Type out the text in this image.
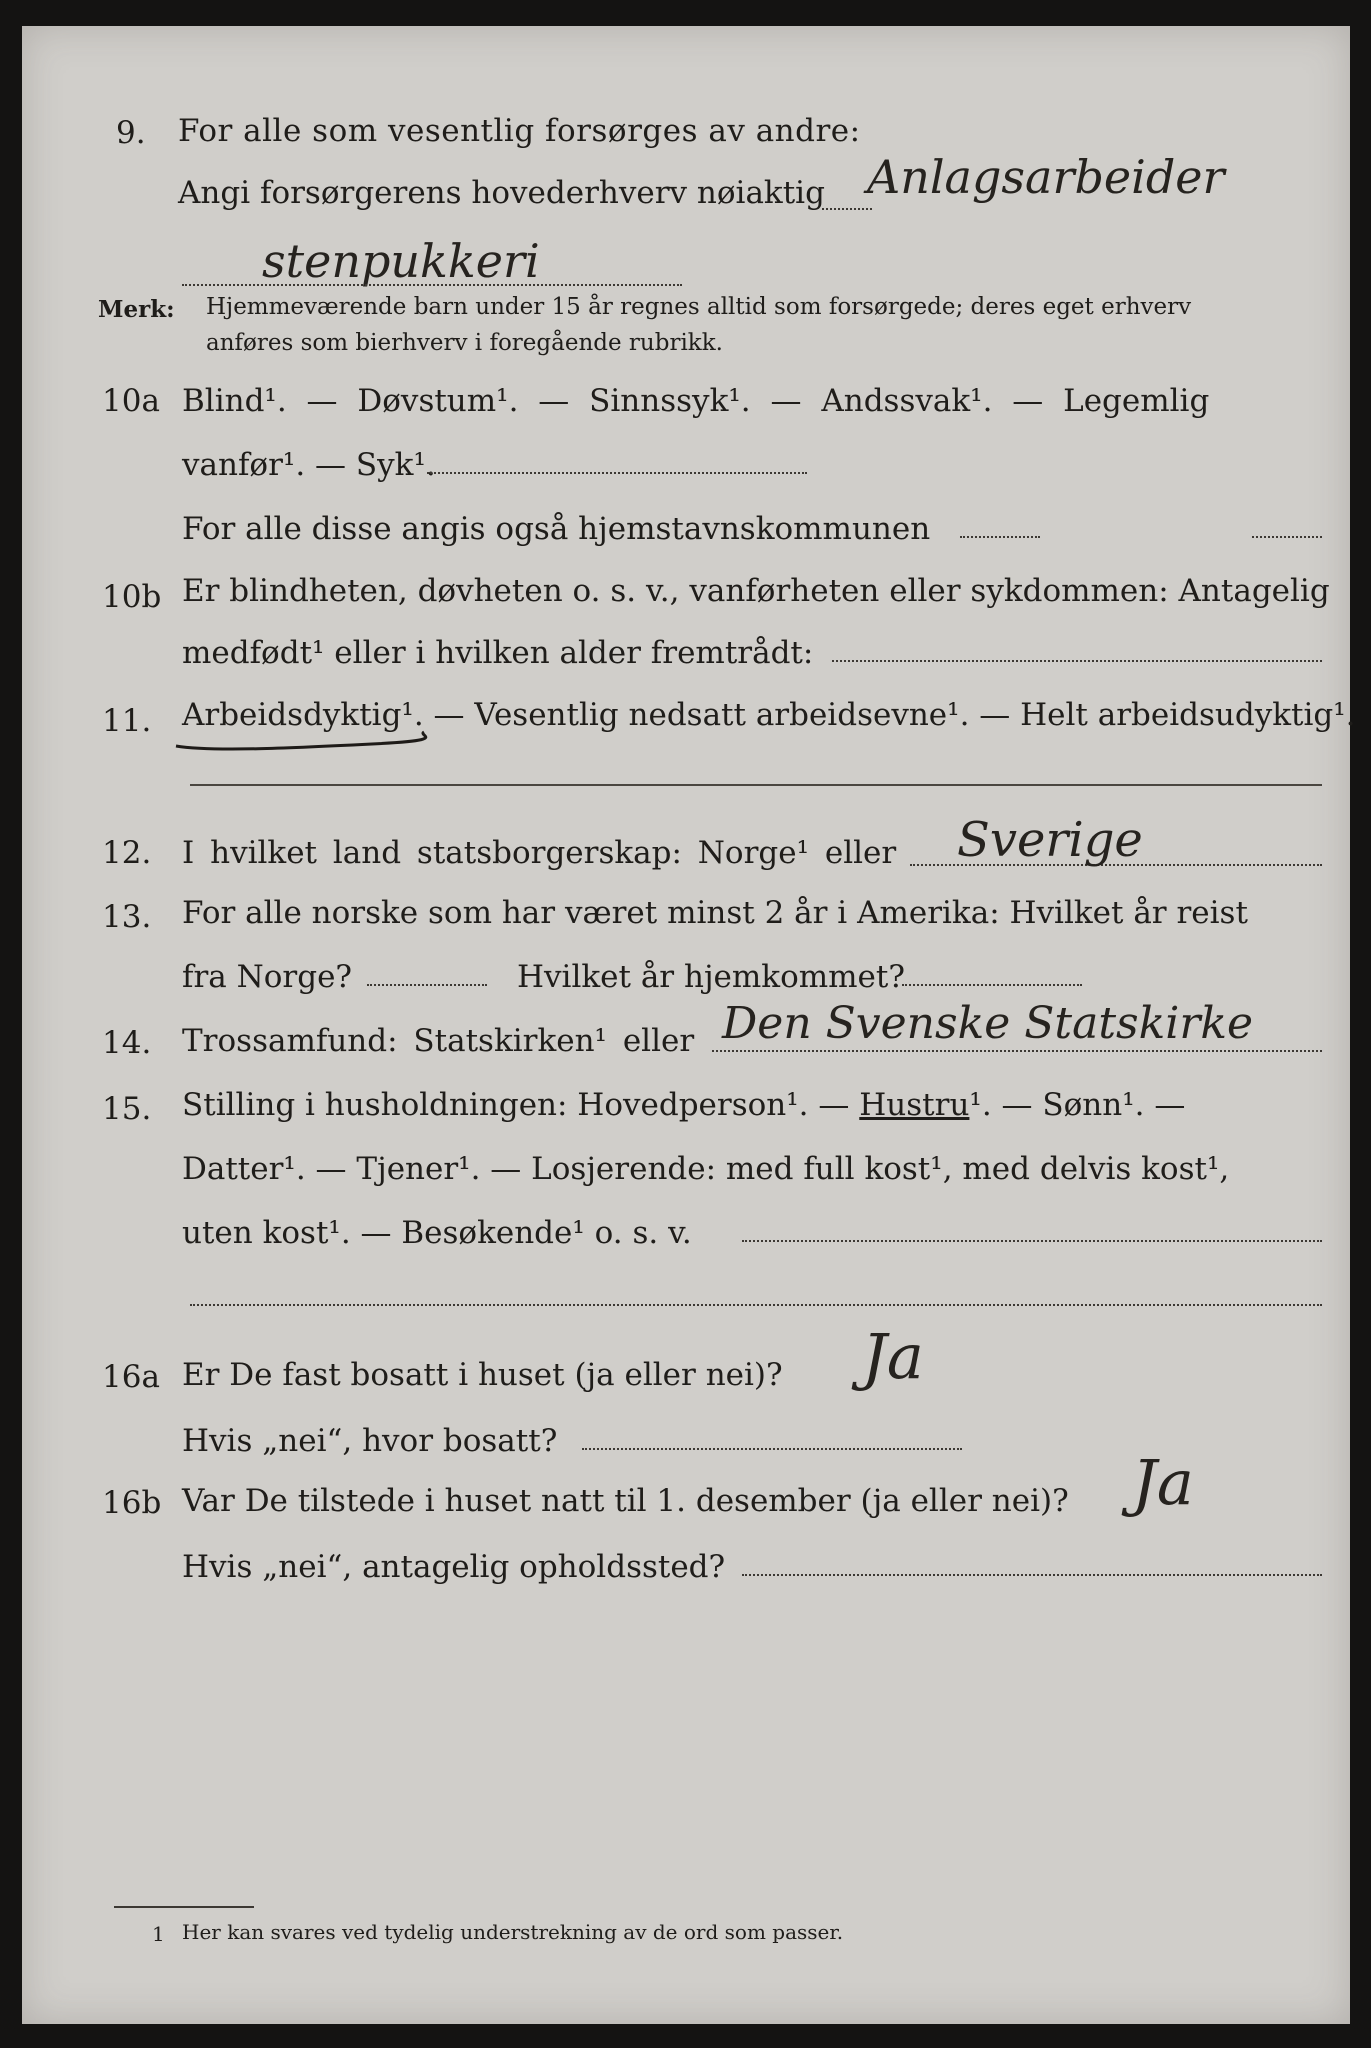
9. For alle som vesentlig forsørges av andre:
Angi forsørgerens hovederhverv nøiaktig Anlagsarbeider
stenpukkeri
Merk: Hjemmeværende barn under 15 år regnes alltid som forsørgede; deres eget erhverv
anføres som bierhverv i foregående rubrikk.
10a Blind¹. — Døvstum¹. — Sinnssyk¹. — Andssvak¹. — Legemlig
vanfør¹. — Syk¹.
For alle disse angis også hjemstavnskommunen
10b Er blindheten, døvheten o. s. v., vanførheten eller sykdommen: Antagelig
medfødt¹ eller i hvilken alder fremtrådt:
11. Arbeidsdyktig¹. — Vesentlig nedsatt arbeidsevne¹. — Helt arbeidsudyktig¹.
12. I hvilket land statsborgerskap: Norge¹ eller Sverige
13. For alle norske som har været minst 2 år i Amerika: Hvilket år reist
fra Norge?	Hvilket år hjemkommet?
14. Trossamfund: Statskirken¹ eller Den Svenske Statskirke
15. Stilling i husholdningen: Hovedperson¹. — Hustru¹. — Sønn¹. —
Datter¹. — Tjener¹. — Losjerende: med full kost¹, med delvis kost¹,
uten kost¹. — Besøkende¹ o. s. v.
16a Er De fast bosatt i huset (ja eller nei)? Ja
Hvis „nei“, hvor bosatt?
16b Var De tilstede i huset natt til 1. desember (ja eller nei)? Ja
Hvis „nei“, antagelig opholdssted?
1 Her kan svares ved tydelig understrekning av de ord som passer.
